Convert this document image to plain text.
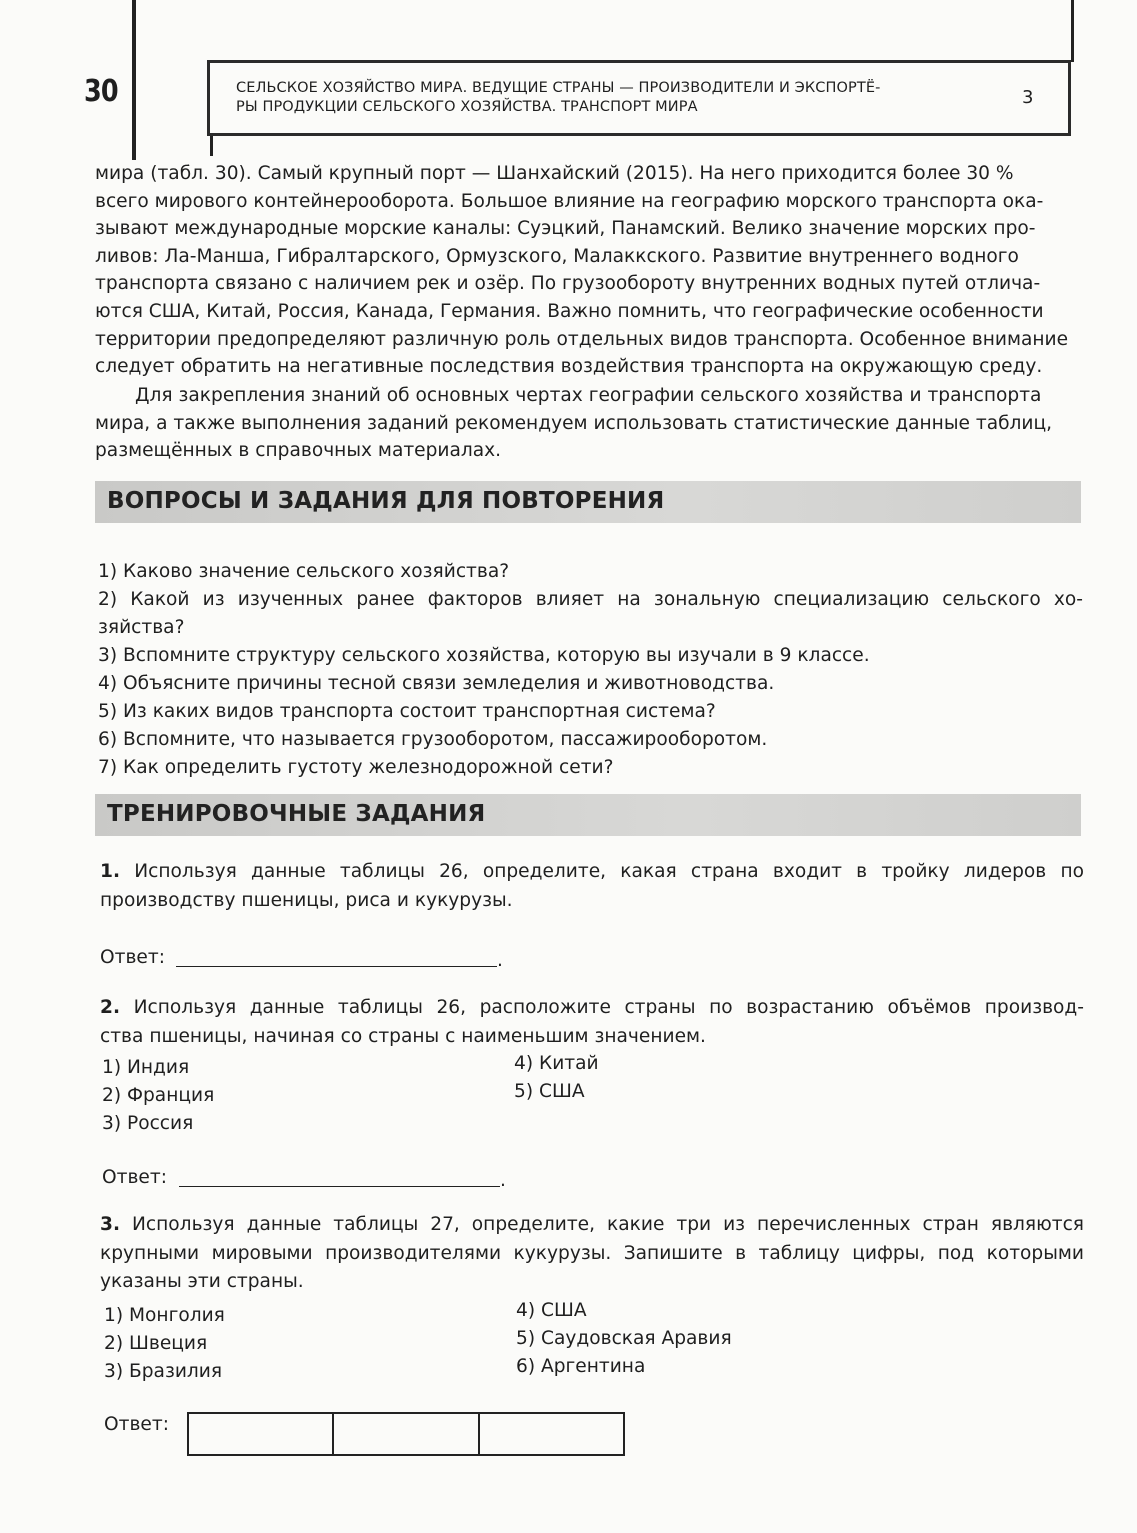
30	СЕЛЬСКОЕ ХОЗЯЙСТВО МИРА. ВЕДУЩИЕ СТРАНЫ — ПРОИЗВОДИТЕЛИ И ЭКСПОРТЁ-
РЫ ПРОДУКЦИИ СЕЛЬСКОГО ХОЗЯЙСТВА. ТРАНСПОРТ МИРА	3
мира (табл. 30). Самый крупный порт — Шанхайский (2015). На него приходится более 30 %
всего мирового контейнерооборота. Большое влияние на географию морского транспорта ока-
зывают международные морские каналы: Суэцкий, Панамский. Велико значение морских про-
ливов: Ла-Манша, Гибралтарского, Ормузского, Малаккского. Развитие внутреннего водного
транспорта связано с наличием рек и озёр. По грузообороту внутренних водных путей отлича-
ются США, Китай, Россия, Канада, Германия. Важно помнить, что географические особенности
территории предопределяют различную роль отдельных видов транспорта. Особенное внимание
следует обратить на негативные последствия воздействия транспорта на окружающую среду.
Для закрепления знаний об основных чертах географии сельского хозяйства и транспорта
мира, а также выполнения заданий рекомендуем использовать статистические данные таблиц,
размещённых в справочных материалах.
ВОПРОСЫ И ЗАДАНИЯ ДЛЯ ПОВТОРЕНИЯ
1) Каково значение сельского хозяйства?
2) Какой из изученных ранее факторов влияет на зональную специализацию сельского хо-
зяйства?
3) Вспомните структуру сельского хозяйства, которую вы изучали в 9 классе.
4) Объясните причины тесной связи земледелия и животноводства.
5) Из каких видов транспорта состоит транспортная система?
6) Вспомните, что называется грузооборотом, пассажирооборотом.
7) Как определить густоту железнодорожной сети?
ТРЕНИРОВОЧНЫЕ ЗАДАНИЯ
1. Используя данные таблицы 26, определите, какая страна входит в тройку лидеров по
производству пшеницы, риса и кукурузы.
Ответ:	.
2. Используя данные таблицы 26, расположите страны по возрастанию объёмов производ-
ства пшеницы, начиная со страны с наименьшим значением.
1) Индия
2) Франция
3) Россия
4) Китай
5) США
Ответ:	.
3. Используя данные таблицы 27, определите, какие три из перечисленных стран являются
крупными мировыми производителями кукурузы. Запишите в таблицу цифры, под которыми
указаны эти страны.
1) Монголия
2) Швеция
3) Бразилия
4) США
5) Саудовская Аравия
6) Аргентина
Ответ:
